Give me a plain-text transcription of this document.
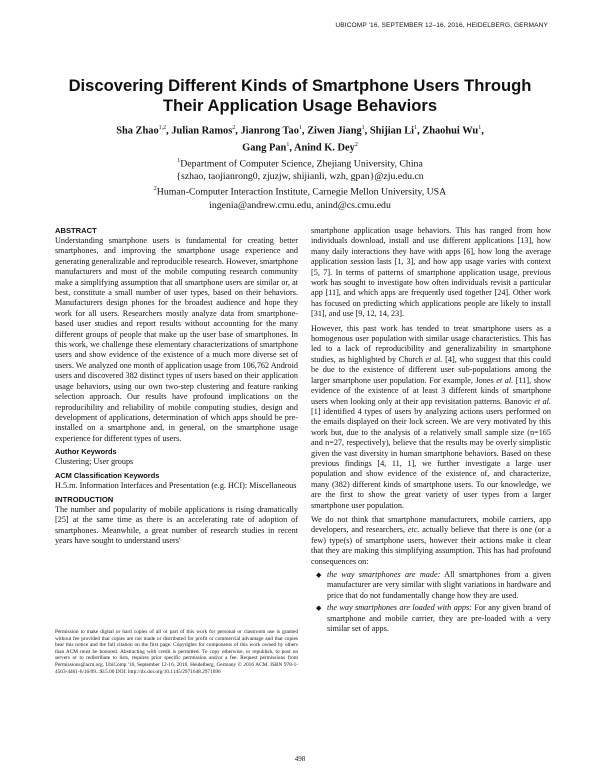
UBICOMP '16, SEPTEMBER 12–16, 2016, HEIDELBERG, GERMANY
Discovering Different Kinds of Smartphone Users Through
Their Application Usage Behaviors
Sha Zhao$^{1,2}$, Julian Ramos$^2$, Jianrong Tao$^1$, Ziwen Jiang$^1$, Shijian Li$^1$, Zhaohui Wu$^1$,
Gang Pan$^1$, Anind K. Dey$^2$
$^1$Department of Computer Science, Zhejiang University, China
{szhao, taojianrong0, zjuzjw, shijianli, wzh, gpan}@zju.edu.cn
$^2$Human-Computer Interaction Institute, Carnegie Mellon University, USA
ingenia@andrew.cmu.edu, anind@cs.cmu.edu
ABSTRACT

Understanding smartphone users is fundamental for creating better smartphones, and improving the smartphone usage experience and generating generalizable and reproducible research. However, smartphone manufacturers and most of the mobile computing research community make a simplifying assumption that all smartphone users are similar or, at best, constitute a small number of user types, based on their behaviors. Manufacturers design phones for the broadest audience and hope they work for all users. Researchers mostly analyze data from smartphone-based user studies and report results without accounting for the many different groups of people that make up the user base of smartphones. In this work, we challenge these elementary characterizations of smartphone users and show evidence of the existence of a much more diverse set of users. We analyzed one month of application usage from 106,762 Android users and discovered 382 distinct types of users based on their application usage behaviors, using our own two-step clustering and feature ranking selection approach. Our results have profound implications on the reproducibility and reliability of mobile computing studies, design and development of applications, determination of which apps should be pre-installed on a smartphone and, in general, on the smartphone usage experience for different types of users.

Author Keywords

Clustering; User groups

ACM Classification Keywords

H.5.m. Information Interfaces and Presentation (e.g. HCI): Miscellaneous

INTRODUCTION

The number and popularity of mobile applications is rising dramatically [25] at the same time as there is an accelerating rate of adoption of smartphones. Meanwhile, a great number of research studies in recent years have sought to understand users'

Permission to make digital or hard copies of all or part of this work for personal or classroom use is granted without fee provided that copies are not made or distributed for profit or commercial advantage and that copies bear this notice and the full citation on the first page. Copyrights for components of this work owned by others than ACM must be honored. Abstracting with credit is permitted. To copy otherwise, or republish, to post on servers or to redistribute to lists, requires prior specific permission and/or a fee. Request permissions from Permissions@acm.org. UbiComp '16, September 12-16, 2016, Heidelberg, Germany © 2016 ACM. ISBN 978-1-4503-4461-6/16/09...$15.00 DOI: http://dx.doi.org/10.1145/2971648.2971696

smartphone application usage behaviors. This has ranged from how individuals download, install and use different applications [13], how many daily interactions they have with apps [6], how long the average application session lasts [1, 3], and how app usage varies with context [5, 7]. In terms of patterns of smartphone application usage, previous work has sought to investigate how often individuals revisit a particular app [11], and which apps are frequently used together [24]. Other work has focused on predicting which applications people are likely to install [31], and use [9, 12, 14, 23].

However, this past work has tended to treat smartphone users as a homogenous user population with similar usage characteristics. This has led to a lack of reproducibility and generalizability in smartphone studies, as highlighted by Church et al. [4], who suggest that this could be due to the existence of different user sub-populations among the larger smartphone user population. For example, Jones et al. [11], show evidence of the existence of at least 3 different kinds of smartphone users when looking only at their app revisitation patterns. Banovic et al. [1] identified 4 types of users by analyzing actions users performed on the emails displayed on their lock screen. We are very motivated by this work but, due to the analysis of a relatively small sample size (n=165 and n=27, respectively), believe that the results may be overly simplistic given the vast diversity in human smartphone behaviors. Based on these previous findings [4, 11, 1], we further investigate a large user population and show evidence of the existence of, and characterize, many (382) different kinds of smartphone users. To our knowledge, we are the first to show the great variety of user types from a larger smartphone user population.

We do not think that smartphone manufacturers, mobile carriers, app developers, and researchers, etc. actually believe that there is one (or a few) type(s) of smartphone users, however their actions make it clear that they are making this simplifying assumption. This has had profound consequences on:

◆ the way smartphones are made: All smartphones from a given manufacturer are very similar with slight variations in hardware and price that do not fundamentally change how they are used.
◆ the way smartphones are loaded with apps: For any given brand of smartphone and mobile carrier, they are pre-loaded with a very similar set of apps.
498
